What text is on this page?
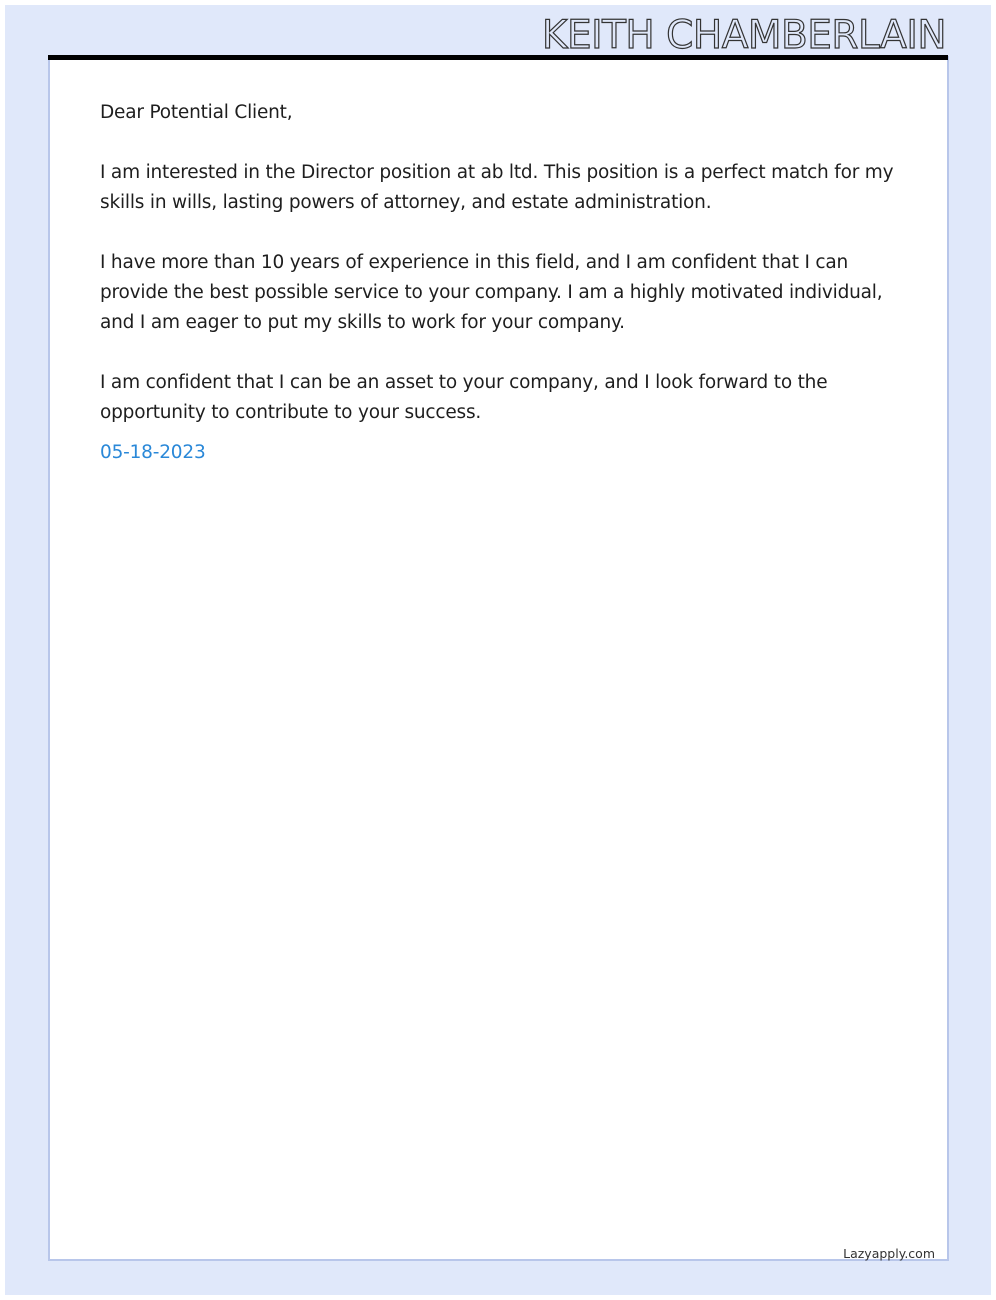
KEITH CHAMBERLAIN

Dear Potential Client,

I am interested in the Director position at ab ltd. This position is a perfect match for my skills in wills, lasting powers of attorney, and estate administration.

I have more than 10 years of experience in this field, and I am confident that I can provide the best possible service to your company. I am a highly motivated individual, and I am eager to put my skills to work for your company.

I am confident that I can be an asset to your company, and I look forward to the opportunity to contribute to your success.

05-18-2023

Lazyapply.com
